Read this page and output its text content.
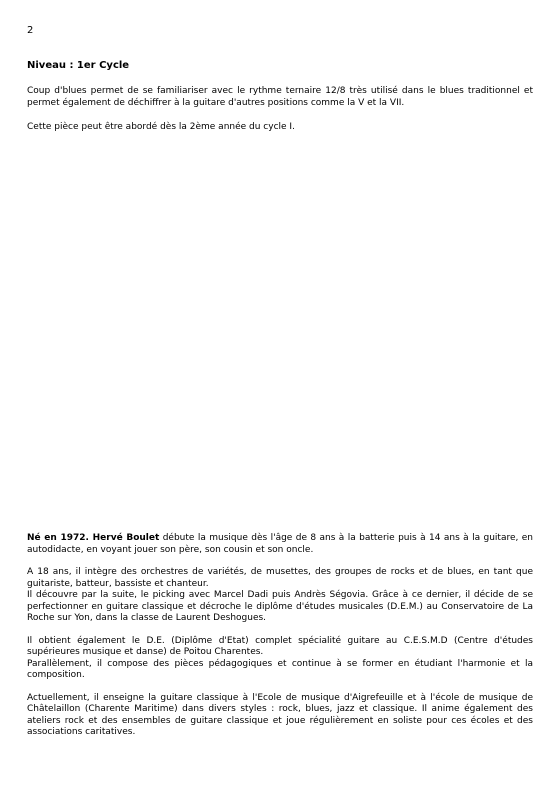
2
Niveau : 1er Cycle

Coup d'blues permet de se familiariser avec le rythme ternaire 12/8 très utilisé dans le blues traditionnel et permet également de déchiffrer à la guitare d'autres positions comme la V et la VII.

Cette pièce peut être abordé dès la 2ème année du cycle I.

Né en 1972. Hervé Boulet débute la musique dès l'âge de 8 ans à la batterie puis à 14 ans à la guitare, en autodidacte, en voyant jouer son père, son cousin et son oncle.

A 18 ans, il intègre des orchestres de variétés, de musettes, des groupes de rocks et de blues, en tant que guitariste, batteur, bassiste et chanteur.

Il découvre par la suite, le picking avec Marcel Dadi puis Andrès Ségovia. Grâce à ce dernier, il décide de se perfectionner en guitare classique et décroche le diplôme d'études musicales (D.E.M.) au Conservatoire de La Roche sur Yon, dans la classe de Laurent Deshogues.

Il obtient également le D.E. (Diplôme d'Etat) complet spécialité guitare au C.E.S.M.D (Centre d'études supérieures musique et danse) de Poitou Charentes.

Parallèlement, il compose des pièces pédagogiques et continue à se former en étudiant l'harmonie et la composition.

Actuellement, il enseigne la guitare classique à l'Ecole de musique d'Aigrefeuille et à l'école de musique de Châtelaillon (Charente Maritime) dans divers styles : rock, blues, jazz et classique. Il anime également des ateliers rock et des ensembles de guitare classique et joue régulièrement en soliste pour ces écoles et des associations caritatives.
